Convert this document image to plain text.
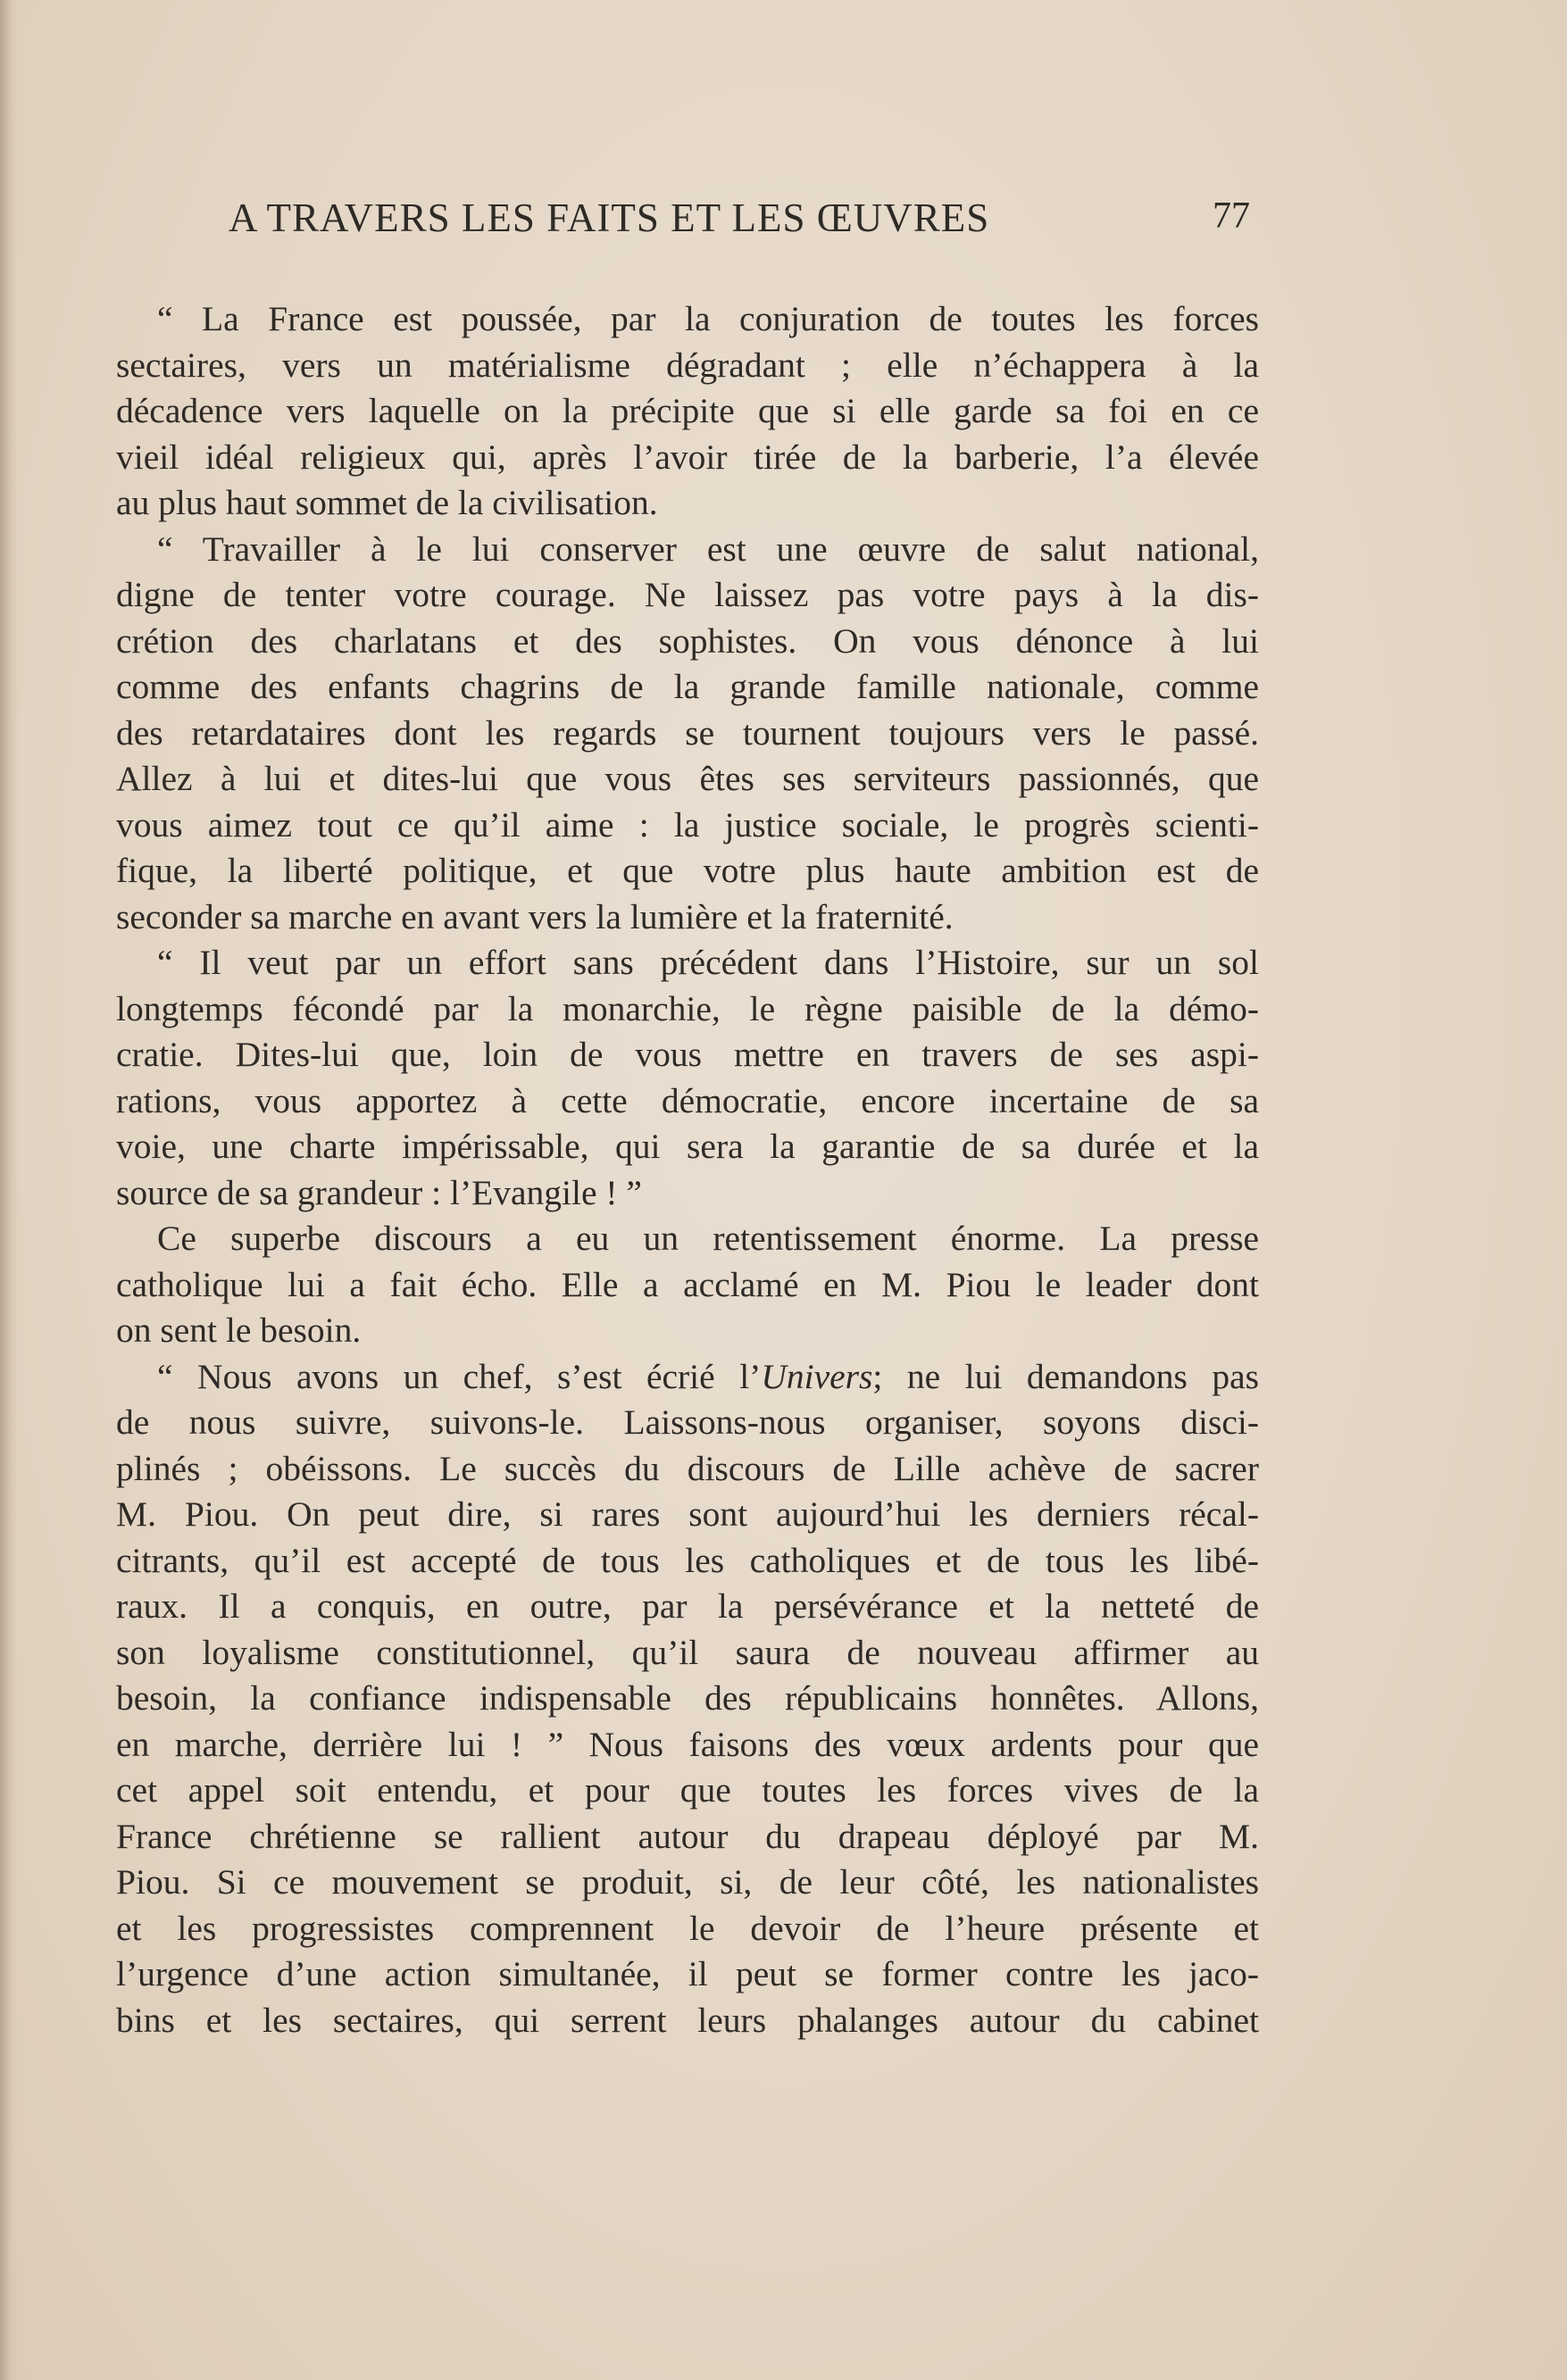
A TRAVERS LES FAITS ET LES ŒUVRES	77
“ La France est poussée, par la conjuration de toutes les forces
sectaires, vers un matérialisme dégradant ; elle n’échappera à la
décadence vers laquelle on la précipite que si elle garde sa foi en ce
vieil idéal religieux qui, après l’avoir tirée de la barberie, l’a élevée
au plus haut sommet de la civilisation.
“ Travailler à le lui conserver est une œuvre de salut national,
digne de tenter votre courage. Ne laissez pas votre pays à la dis-
crétion des charlatans et des sophistes. On vous dénonce à lui
comme des enfants chagrins de la grande famille nationale, comme
des retardataires dont les regards se tournent toujours vers le passé.
Allez à lui et dites-lui que vous êtes ses serviteurs passionnés, que
vous aimez tout ce qu’il aime : la justice sociale, le progrès scienti-
fique, la liberté politique, et que votre plus haute ambition est de
seconder sa marche en avant vers la lumière et la fraternité.
“ Il veut par un effort sans précédent dans l’Histoire, sur un sol
longtemps fécondé par la monarchie, le règne paisible de la démo-
cratie. Dites-lui que, loin de vous mettre en travers de ses aspi-
rations, vous apportez à cette démocratie, encore incertaine de sa
voie, une charte impérissable, qui sera la garantie de sa durée et la
source de sa grandeur : l’Evangile ! ”
Ce superbe discours a eu un retentissement énorme. La presse
catholique lui a fait écho. Elle a acclamé en M. Piou le leader dont
on sent le besoin.
“ Nous avons un chef, s’est écrié l’Univers; ne lui demandons pas
de nous suivre, suivons-le. Laissons-nous organiser, soyons disci-
plinés ; obéissons. Le succès du discours de Lille achève de sacrer
M. Piou. On peut dire, si rares sont aujourd’hui les derniers récal-
citrants, qu’il est accepté de tous les catholiques et de tous les libé-
raux. Il a conquis, en outre, par la persévérance et la netteté de
son loyalisme constitutionnel, qu’il saura de nouveau affirmer au
besoin, la confiance indispensable des républicains honnêtes. Allons,
en marche, derrière lui ! ” Nous faisons des vœux ardents pour que
cet appel soit entendu, et pour que toutes les forces vives de la
France chrétienne se rallient autour du drapeau déployé par M.
Piou. Si ce mouvement se produit, si, de leur côté, les nationalistes
et les progressistes comprennent le devoir de l’heure présente et
l’urgence d’une action simultanée, il peut se former contre les jaco-
bins et les sectaires, qui serrent leurs phalanges autour du cabinet
